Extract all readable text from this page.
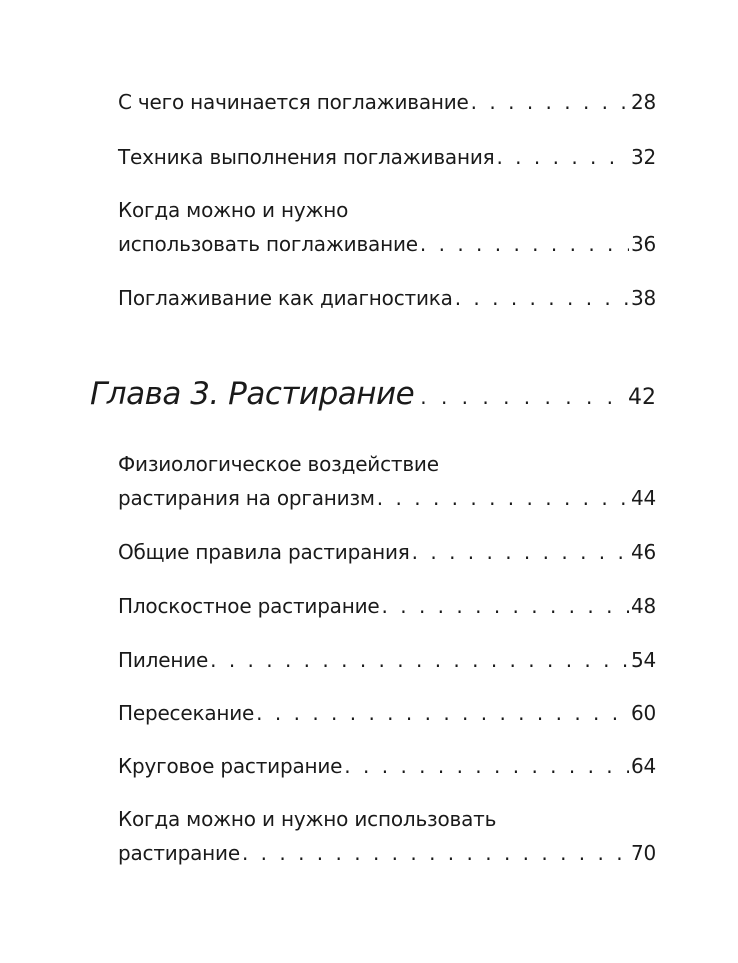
С чего начинается поглаживание . . .	28
Техника выполнения поглаживания . . .	32
Когда можно и нужно
использовать поглаживание . . .	36
Поглаживание как диагностика . . .	38
Глава 3. Растирание . . .	42
Физиологическое воздействие
растирания на организм . . .	44
Общие правила растирания . . .	46
Плоскостное растирание . . .	48
Пиление . . .	54
Пересекание . . .	60
Круговое растирание . . .	64
Когда можно и нужно использовать
растирание . . .	70
